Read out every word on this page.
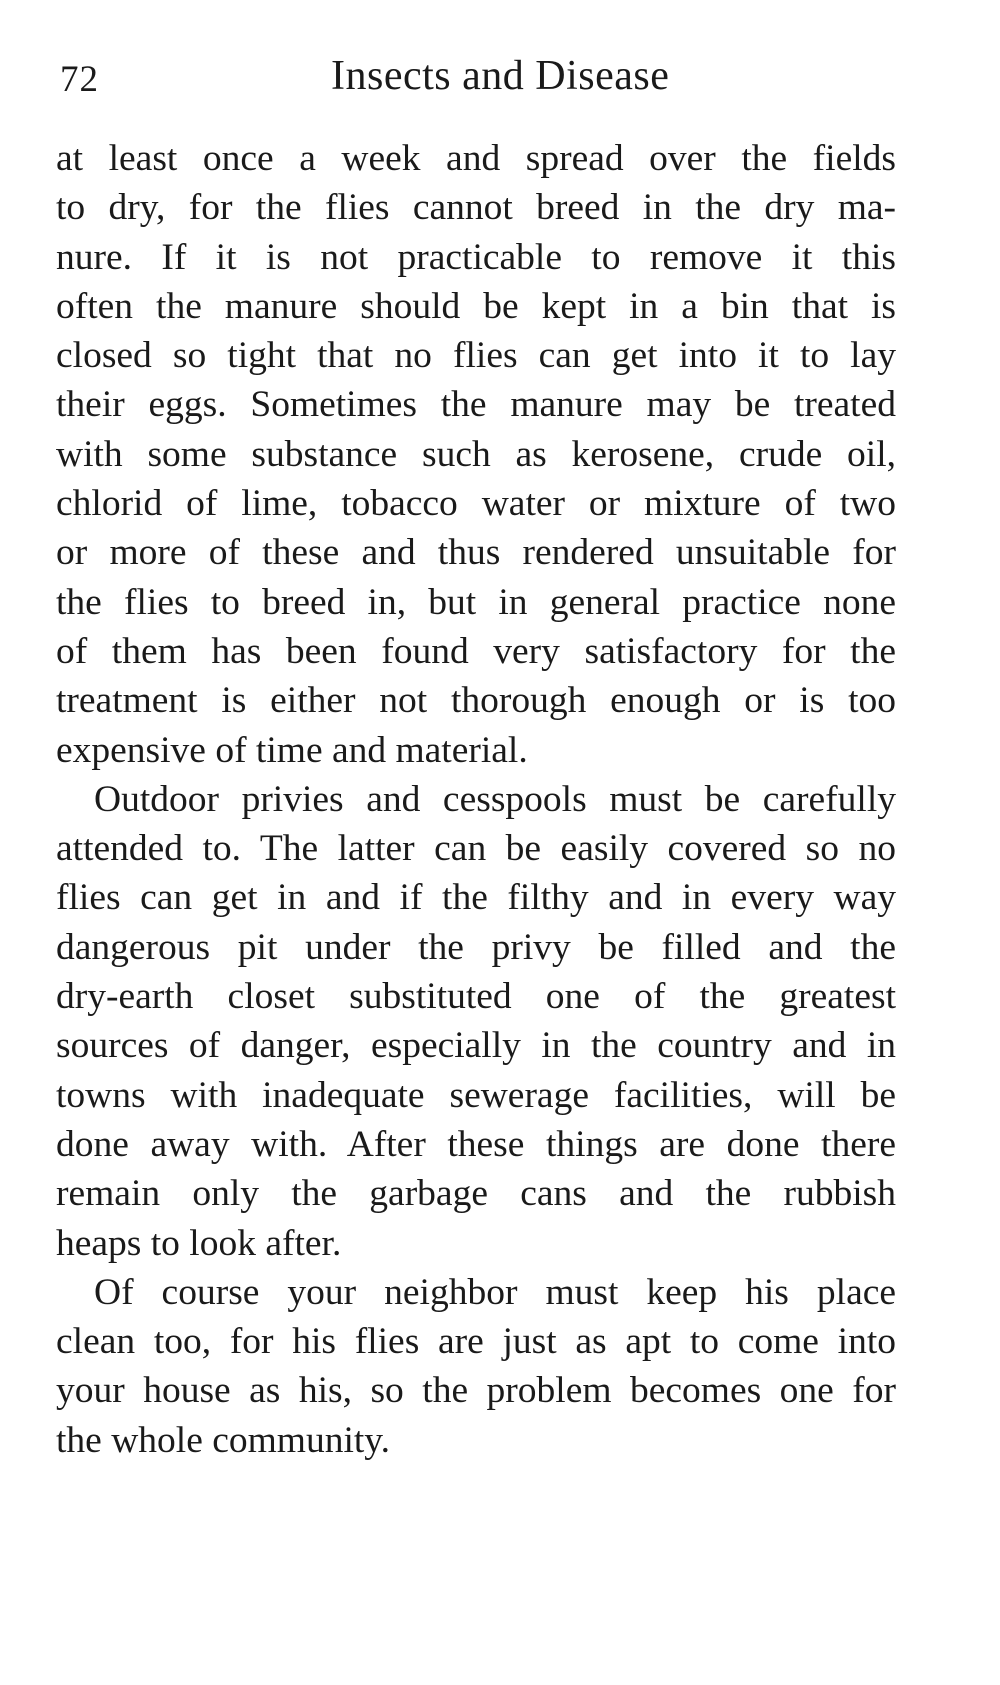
72	Insects and Disease
at least once a week and spread over the fields
to dry, for the flies cannot breed in the dry ma-
nure. If it is not practicable to remove it this
often the manure should be kept in a bin that is
closed so tight that no flies can get into it to lay
their eggs. Sometimes the manure may be treated
with some substance such as kerosene, crude oil,
chlorid of lime, tobacco water or mixture of two
or more of these and thus rendered unsuitable for
the flies to breed in, but in general practice none
of them has been found very satisfactory for the
treatment is either not thorough enough or is too
expensive of time and material.
Outdoor privies and cesspools must be carefully
attended to. The latter can be easily covered so no
flies can get in and if the filthy and in every way
dangerous pit under the privy be filled and the
dry-earth closet substituted one of the greatest
sources of danger, especially in the country and in
towns with inadequate sewerage facilities, will be
done away with. After these things are done there
remain only the garbage cans and the rubbish
heaps to look after.
Of course your neighbor must keep his place
clean too, for his flies are just as apt to come into
your house as his, so the problem becomes one for
the whole community.
